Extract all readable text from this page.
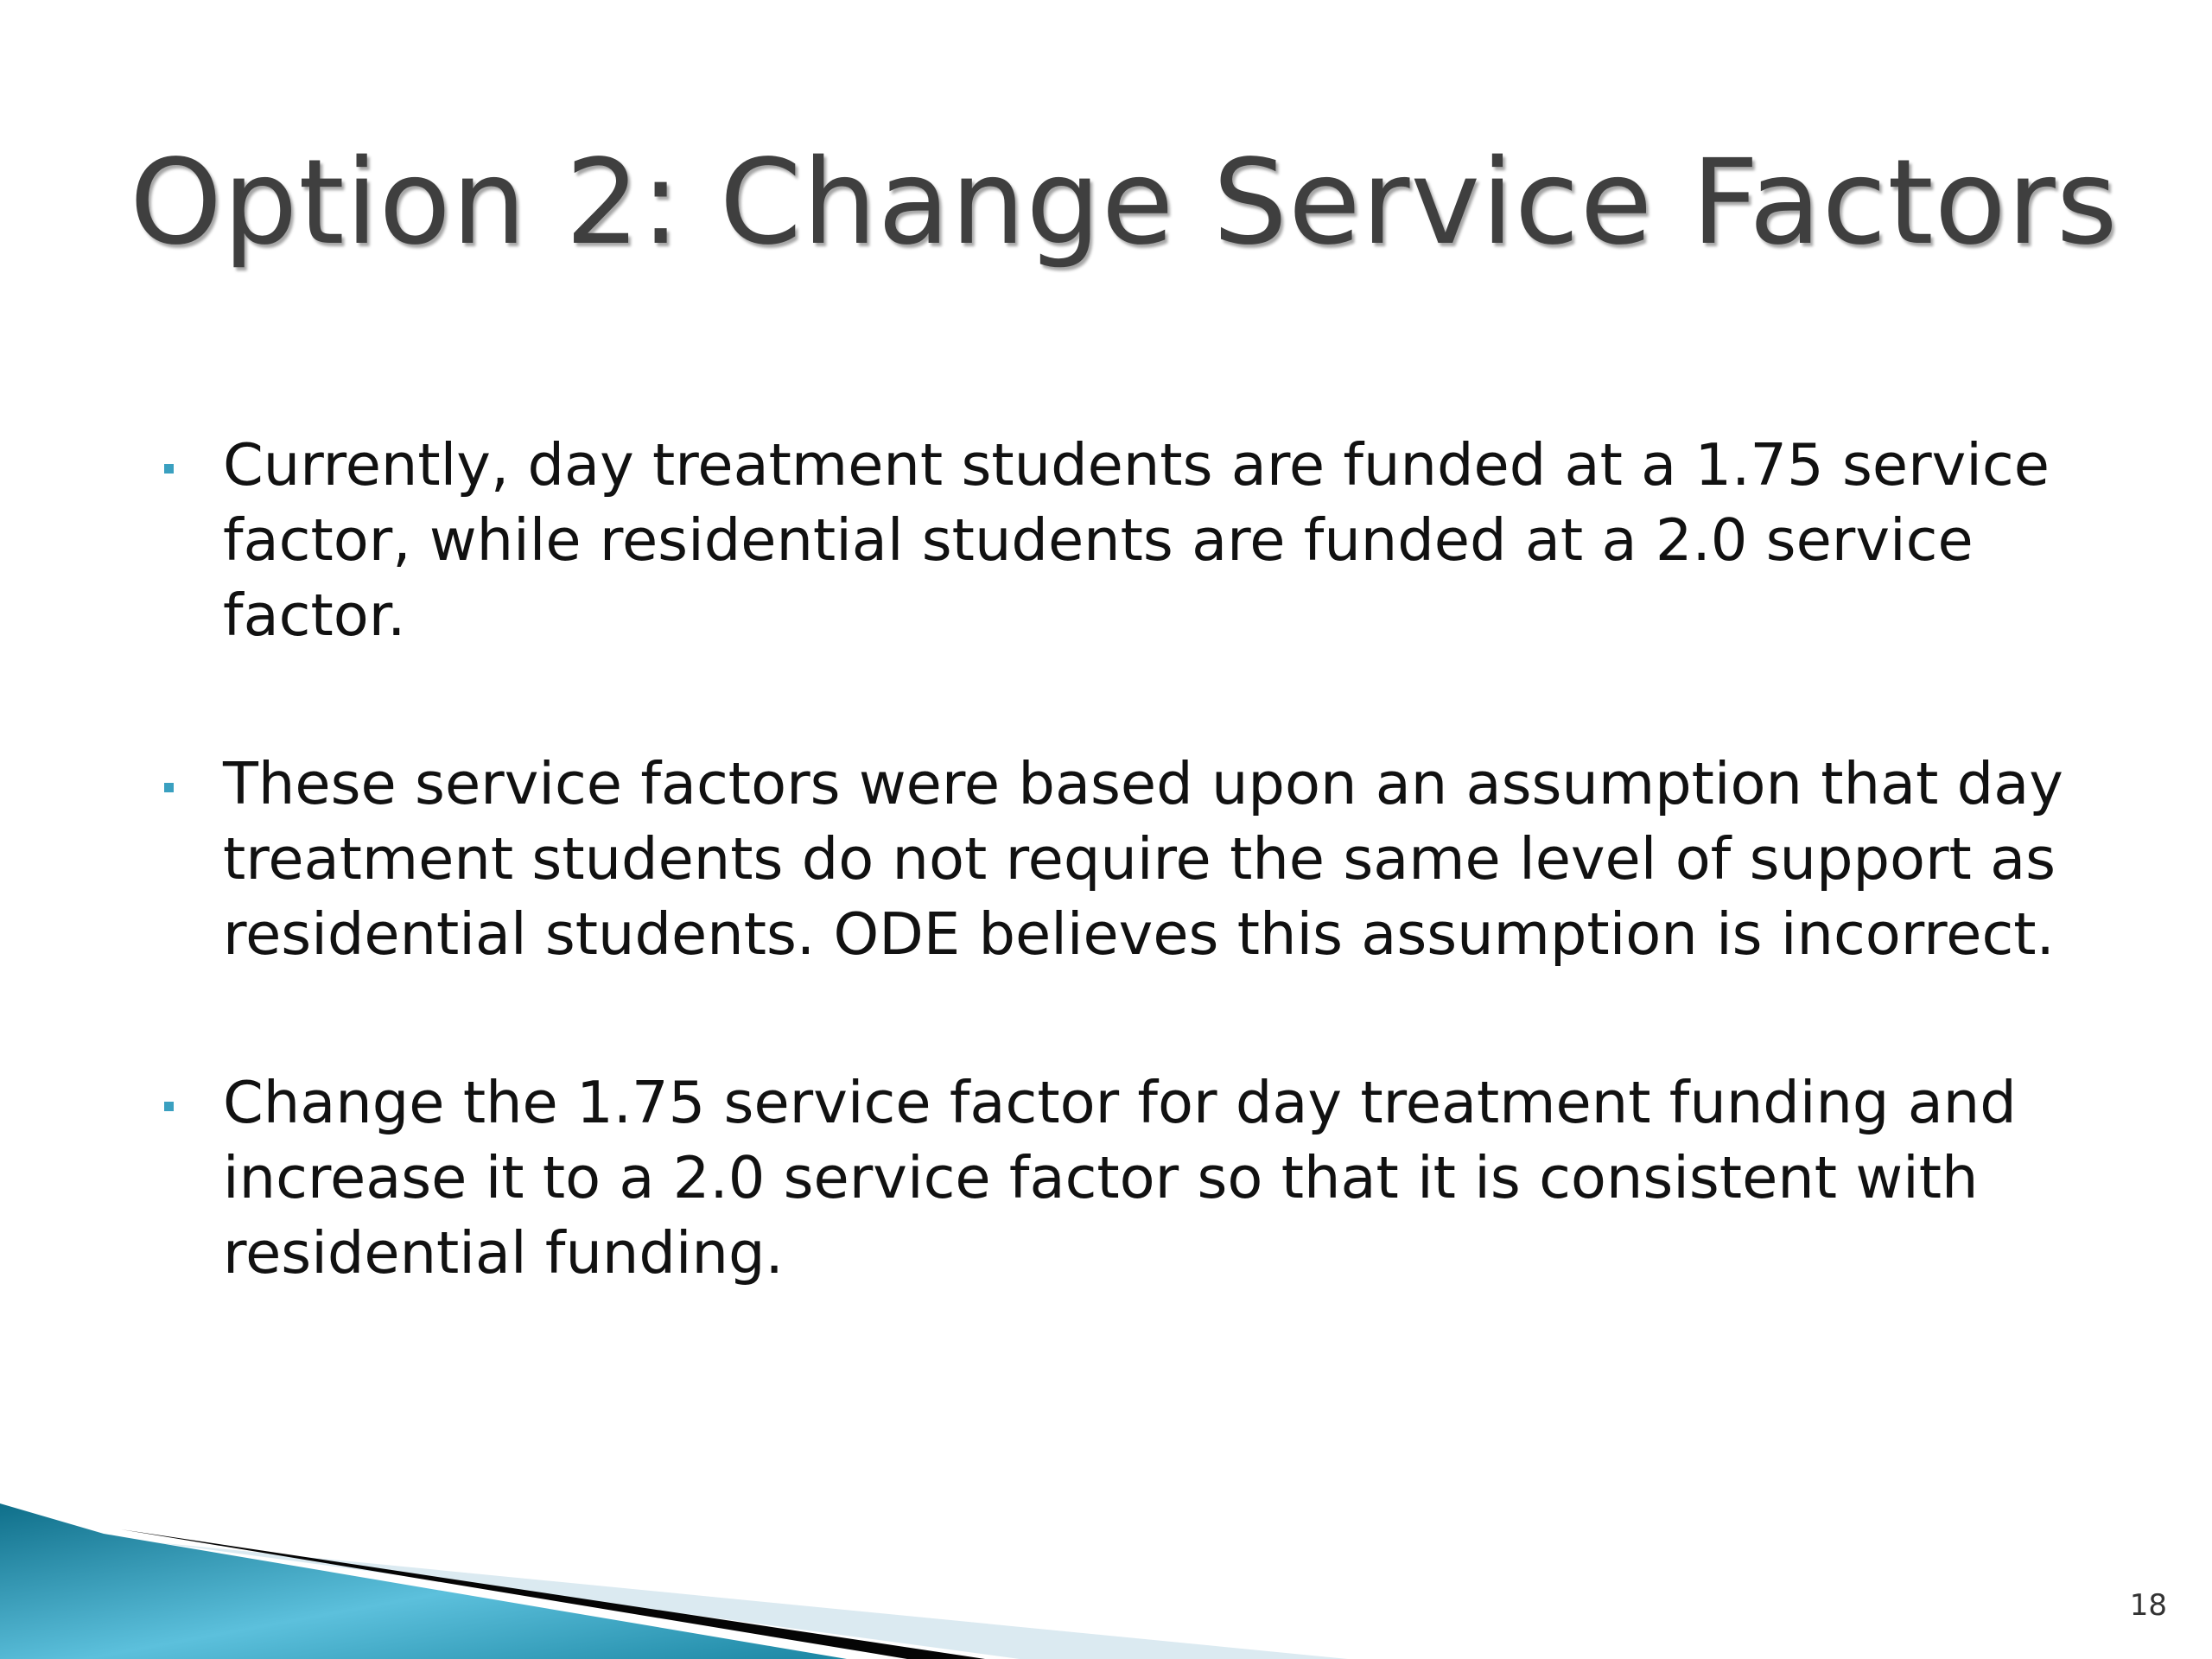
Option 2: Change Service Factors
Currently, day treatment students are funded at a 1.75 service factor, while residential students are funded at a 2.0 service factor.
These service factors were based upon an assumption that day treatment students do not require the same level of support as residential students. ODE believes this assumption is incorrect.
Change the 1.75 service factor for day treatment funding and increase it to a 2.0 service factor so that it is consistent with residential funding.
18
